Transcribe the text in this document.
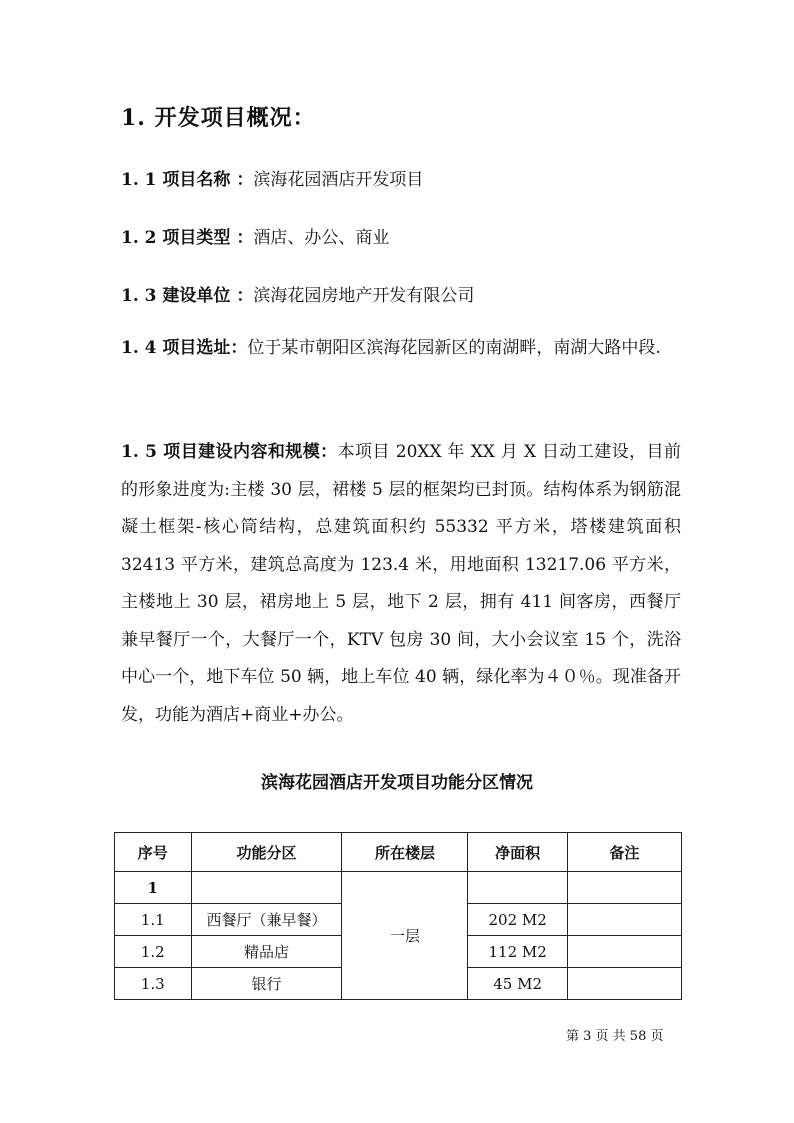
1. 开发项目概况：
1. 1 项目名称 ：滨海花园酒店开发项目
1. 2 项目类型 ：酒店、办公、商业
1. 3 建设单位 ：滨海花园房地产开发有限公司
1. 4 项目选址：位于某市朝阳区滨海花园新区的南湖畔，南湖大路中段.
1. 5 项目建设内容和规模：本项目 20XX 年 XX 月 X 日动工建设，目前的形象进度为:主楼 30 层，裙楼 5 层的框架均已封顶。结构体系为钢筋混凝土框架-核心筒结构，总建筑面积约 55332 平方米，塔楼建筑面积 32413 平方米，建筑总高度为 123.4 米，用地面积 13217.06 平方米，主楼地上 30 层，裙房地上 5 层，地下 2 层，拥有 411 间客房，西餐厅兼早餐厅一个，大餐厅一个，KTV 包房 30 间，大小会议室 15 个，洗浴中心一个，地下车位 50 辆，地上车位 40 辆，绿化率为４０％。现准备开发，功能为酒店+商业+办公。
滨海花园酒店开发项目功能分区情况
序号	功能分区	所在楼层	净面积	备注
1		一层		
1.1	西餐厅（兼早餐）		202 M2	
1.2	精品店		112 M2	
1.3	银行		45 M2	
第 3 页 共 58 页
